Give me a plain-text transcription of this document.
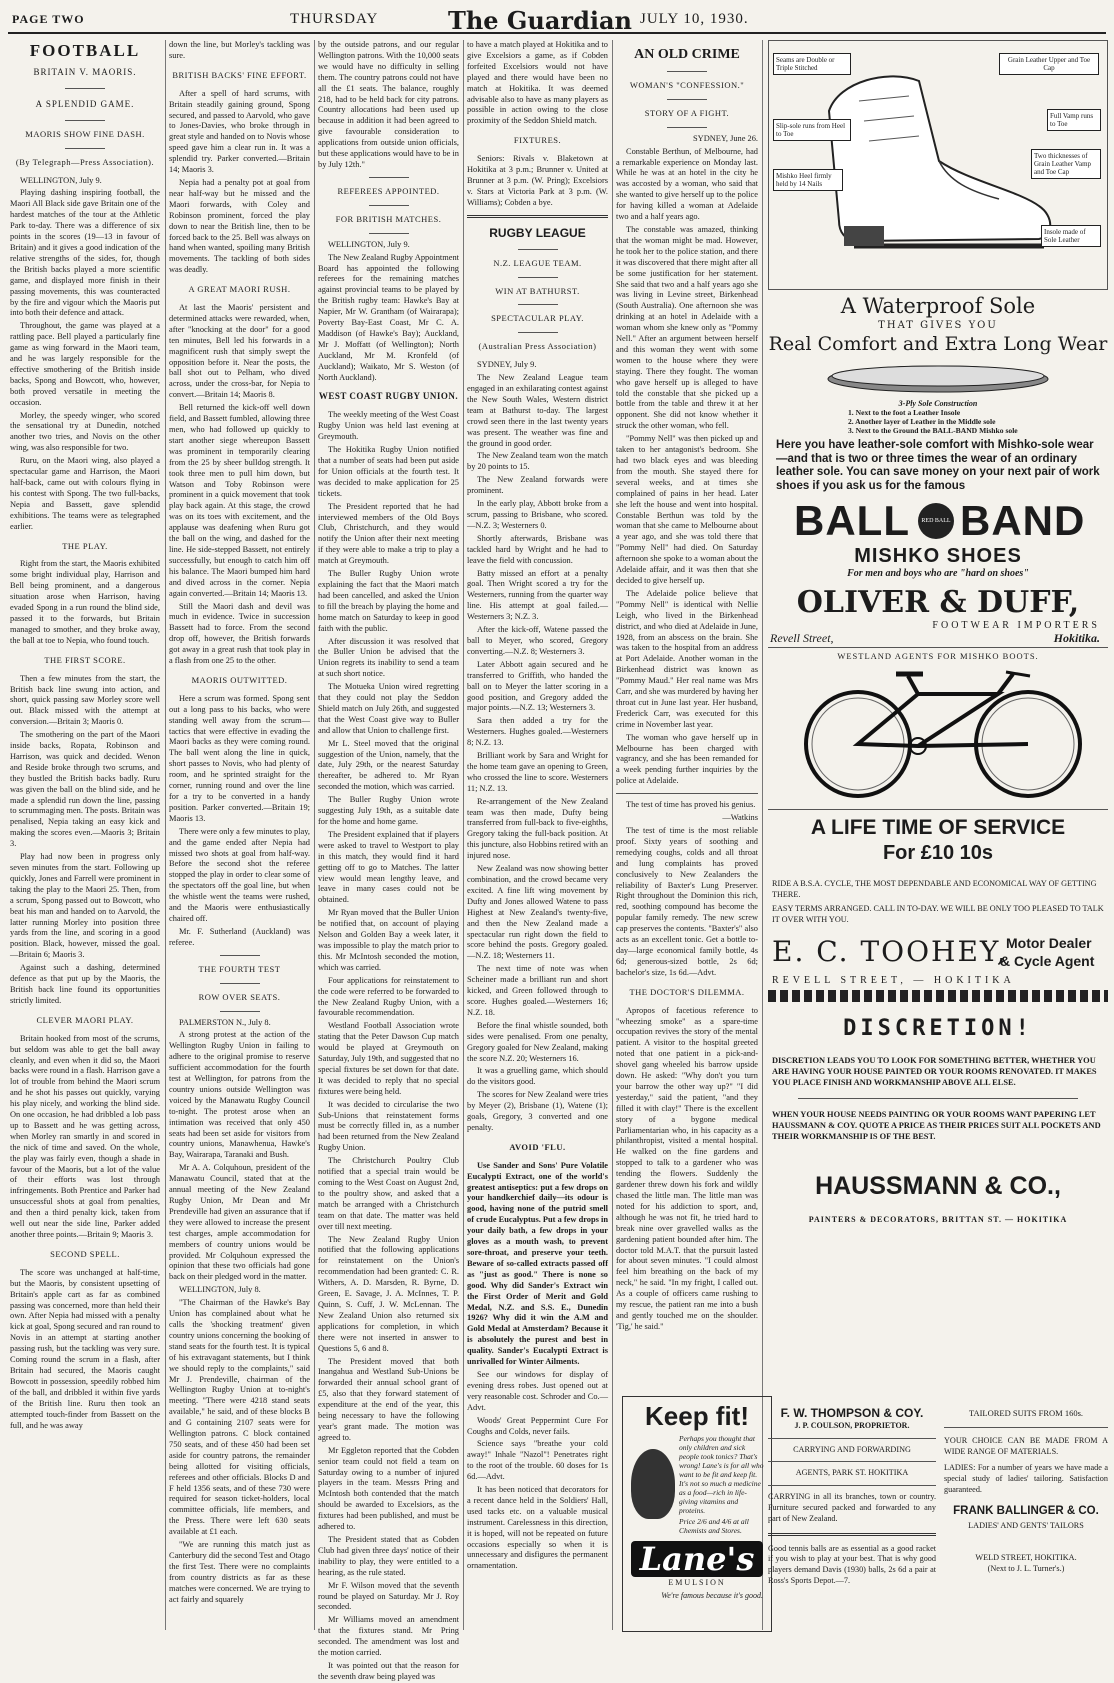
PAGE TWO	THURSDAY	The Guardian JULY 10, 1930.
FOOTBALL
BRITAIN V. MAORIS.
A SPLENDID GAME.
MAORIS SHOW FINE DASH.
(By Telegraph—Press Association).

WELLINGTON, July 9.

Playing dashing inspiring football, the Maori All Black side gave Britain one of the hardest matches of the tour at the Athletic Park to-day. There was a difference of six points in the scores (19—13 in favour of Britain) and it gives a good indication of the relative strengths of the sides, for, though the British backs played a more scientific game, and displayed more finish in their passing movements, this was counteracted by the fire and vigour which the Maoris put into both their defence and attack.

Throughout, the game was played at a rattling pace. Bell played a particularly fine game as wing forward in the Maori team, and he was largely responsible for the effective smothering of the British inside backs, Spong and Bowcott, who, however, both proved versatile in meeting the occasion.

Morley, the speedy winger, who scored the sensational try at Dunedin, notched another two tries, and Novis on the other wing, was also responsible for two.

Ruru, on the Maori wing, also played a spectacular game and Harrison, the Maori half-back, came out with colours flying in his contest with Spong. The two full-backs, Nepia and Bassett, gave splendid exhibitions. The teams were as telegraphed earlier.

THE PLAY.

Right from the start, the Maoris exhibited some bright individual play, Harrison and Bell being prominent, and a dangerous situation arose when Harrison, having evaded Spong in a run round the blind side, passed it to the forwards, but Britain managed to smother, and they broke away, the ball at toe to Nepia, who found touch.

THE FIRST SCORE.

Then a few minutes from the start, the British back line swung into action, and short, quick passing saw Morley score well out. Black missed with the attempt at conversion.—Britain 3; Maoris 0.

The smothering on the part of the Maori inside backs, Ropata, Robinson and Harrison, was quick and decided. Wenon and Reside broke through two scrums, and they bustled the British backs badly. Ruru was given the ball on the blind side, and he made a splendid run down the line, passing to scrummaging men. The posts. Britain was penalised, Nepia taking an easy kick and making the scores even.—Maoris 3; Britain 3.

Play had now been in progress only seven minutes from the start. Following up quickly, Jones and Farrell were prominent in taking the play to the Maori 25. Then, from a scrum, Spong passed out to Bowcott, who beat his man and handed on to Aarvold, the latter running Morley into position three yards from the line, and scoring in a good position. Black, however, missed the goal.—Britain 6; Maoris 3.

Against such a dashing, determined defence as that put up by the Maoris, the British back line found its opportunities strictly limited.

CLEVER MAORI PLAY.

Britain hooked from most of the scrums, but seldom was able to get the ball away cleanly, and even when it did so, the Maori backs were round in a flash. Harrison gave a lot of trouble from behind the Maori scrum and he shot his passes out quickly, varying his play nicely, and working the blind side. On one occasion, he had dribbled a lob pass up to Bassett and he was getting across, when Morley ran smartly in and scored in the nick of time and saved. On the whole, the play was fairly even, though a shade in favour of the Maoris, but a lot of the value of their efforts was lost through infringements. Both Prentice and Parker had unsuccessful shots at goal from penalties, and then a third penalty kick, taken from well out near the side line, Parker added another three points.—Britain 9; Maoris 3.

SECOND SPELL.

The score was unchanged at half-time, but the Maoris, by consistent upsetting of Britain's apple cart as far as combined passing was concerned, more than held their own. After Nepia had missed with a penalty kick at goal, Spong secured and ran round to Novis in an attempt at starting another passing rush, but the tackling was very sure. Coming round the scrum in a flash, after Britain had secured, the Maoris caught Bowcott in possession, speedily robbed him of the ball, and dribbled it within five yards of the British line. Ruru then took an attempted touch-finder from Bassett on the full, and he was away

down the line, but Morley's tackling was sure.

BRITISH BACKS' FINE EFFORT.

After a spell of hard scrums, with Britain steadily gaining ground, Spong secured, and passed to Aarvold, who gave to Jones-Davies, who broke through in great style and handed on to Novis whose speed gave him a clear run in. It was a splendid try. Parker converted.—Britain 14; Maoris 3.

Nepia had a penalty pot at goal from near half-way but he missed and the Maori forwards, with Coley and Robinson prominent, forced the play down to near the British line, then to be forced back to the 25. Bell was always on hand when wanted, spoiling many British movements. The tackling of both sides was deadly.

A GREAT MAORI RUSH.

At last the Maoris' persistent and determined attacks were rewarded, when, after "knocking at the door" for a good ten minutes, Bell led his forwards in a magnificent rush that simply swept the opposition before it. Near the posts, the ball shot out to Pelham, who dived across, under the cross-bar, for Nepia to convert.—Britain 14; Maoris 8.

Bell returned the kick-off well down field, and Bassett fumbled, allowing three men, who had followed up quickly to start another siege whereupon Bassett was prominent in temporarily clearing from the 25 by sheer bulldog strength. It took three men to pull him down, but Watson and Toby Robinson were prominent in a quick movement that took play back again. At this stage, the crowd was on its toes with excitement, and the applause was deafening when Ruru got the ball on the wing, and dashed for the line. He side-stepped Bassett, not entirely successfully, but enough to catch him off his balance. The Maori bumped him hard and dived across in the corner. Nepia again converted.—Britain 14; Maoris 13.

Still the Maori dash and devil was much in evidence. Twice in succession Bassett had to force. From the second drop off, however, the British forwards got away in a great rush that took play in a flash from one 25 to the other.

MAORIS OUTWITTED.

Here a scrum was formed. Spong sent out a long pass to his backs, who were standing well away from the scrum—tactics that were effective in evading the Maori backs as they were coming round. The ball went along the line in quick, short passes to Novis, who had plenty of room, and he sprinted straight for the corner, running round and over the line for a try to be converted in a handy position. Parker converted.—Britain 19; Maoris 13.

There were only a few minutes to play, and the game ended after Nepia had missed two shots at goal from half-way. Before the second shot the referee stopped the play in order to clear some of the spectators off the goal line, but when the whistle went the teams were rushed, and the Maoris were enthusiastically chaired off.

Mr. F. Sutherland (Auckland) was referee.

THE FOURTH TEST
ROW OVER SEATS.

PALMERSTON N., July 8.

A strong protest at the action of the Wellington Rugby Union in failing to adhere to the original promise to reserve sufficient accommodation for the fourth test at Wellington, for patrons from the country unions outside Wellington was voiced by the Manawatu Rugby Council to-night. The protest arose when an intimation was received that only 450 seats had been set aside for visitors from country unions, Manawhenua, Hawke's Bay, Wairarapa, Taranaki and Bush.

Mr A. A. Colquhoun, president of the Manawatu Council, stated that at the annual meeting of the New Zealand Rugby Union, Mr Dean and Mr Prendeville had given an assurance that if they were allowed to increase the present test charges, ample accommodation for members of country unions would be provided. Mr Colquhoun expressed the opinion that these two officials had gone back on their pledged word in the matter.

WELLINGTON, July 8.

"The Chairman of the Hawke's Bay Union has complained about what he calls the 'shocking treatment' given country unions concerning the booking of stand seats for the fourth test. It is typical of his extravagant statements, but I think we should reply to the complaints," said Mr J. Prendeville, chairman of the Wellington Rugby Union at to-night's meeting. "There were 4218 stand seats available," he said, and of these blocks B and G containing 2107 seats were for Wellington patrons. C block contained 750 seats, and of these 450 had been set aside for country patrons, the remainder being allotted for visiting officials, referees and other officials. Blocks D and F held 1356 seats, and of these 730 were required for season ticket-holders, local committee officials, life members, and the Press. There were left 630 seats available at £1 each.

"We are running this match just as Canterbury did the second Test and Otago the first Test. There were no complaints from country districts as far as these matches were concerned. We are trying to act fairly and squarely

by the outside patrons, and our regular Wellington patrons. With the 10,000 seats we would have no difficulty in selling them. The country patrons could not have all the £1 seats. The balance, roughly 218, had to be held back for city patrons. Country allocations had been used up because in addition it had been agreed to give favourable consideration to applications from outside union officials, but these applications would have to be in by July 12th."

REFEREES APPOINTED.
FOR BRITISH MATCHES.

WELLINGTON, July 9.

The New Zealand Rugby Appointment Board has appointed the following referees for the remaining matches against provincial teams to be played by the British rugby team: Hawke's Bay at Napier, Mr W. Grantham (of Wairarapa); Poverty Bay-East Coast, Mr C. A. Maddison (of Hawke's Bay); Auckland, Mr J. Moffatt (of Wellington); North Auckland, Mr M. Kronfeld (of Auckland); Waikato, Mr S. Weston (of North Auckland).

WEST COAST RUGBY UNION.

The weekly meeting of the West Coast Rugby Union was held last evening at Greymouth.

The Hokitika Rugby Union notified that a number of seats had been put aside for Union officials at the fourth test. It was decided to make application for 25 tickets.

The President reported that he had interviewed members of the Old Boys Club, Christchurch, and they would notify the Union after their next meeting if they were able to make a trip to play a match at Greymouth.

The Buller Rugby Union wrote explaining the fact that the Maori match had been cancelled, and asked the Union to fill the breach by playing the home and home match on Saturday to keep in good faith with the public.

After discussion it was resolved that the Buller Union be advised that the Union regrets its inability to send a team at such short notice.

The Motueka Union wired regretting that they could not play the Seddon Shield match on July 26th, and suggested that the West Coast give way to Buller and allow that Union to challenge first.

Mr L. Steel moved that the original suggestion of the Union, namely, that the date, July 29th, or the nearest Saturday thereafter, be adhered to. Mr Ryan seconded the motion, which was carried.

The Buller Rugby Union wrote suggesting July 19th, as a suitable date for the home and home game.

The President explained that if players were asked to travel to Westport to play in this match, they would find it hard getting off to go to Matches. The latter view would mean lengthy leave, and leave in many cases could not be obtained.

Mr Ryan moved that the Buller Union be notified that, on account of playing Nelson and Golden Bay a week later, it was impossible to play the match prior to this. Mr McIntosh seconded the motion, which was carried.

Four applications for reinstatement to the code were referred to be forwarded to the New Zealand Rugby Union, with a favourable recommendation.

Westland Football Association wrote stating that the Peter Dawson Cup match would be played at Greymouth on Saturday, July 19th, and suggested that no special fixtures be set down for that date. It was decided to reply that no special fixtures were being held.

It was decided to circularise the two Sub-Unions that reinstatement forms must be correctly filled in, as a number had been returned from the New Zealand Rugby Union.

The Christchurch Poultry Club notified that a special train would be coming to the West Coast on August 2nd, to the poultry show, and asked that a match be arranged with a Christchurch team on that date. The matter was held over till next meeting.

The New Zealand Rugby Union notified that the following applications for reinstatement on the Union's recommendation had been granted: C. R. Withers, A. D. Marsden, R. Byrne, D. Green, E. Savage, J. A. McInnes, T. P. Quinn, S. Cuff, J. W. McLennan. The New Zealand Union also returned six applications for completion, in which there were not inserted in answer to Questions 5, 6 and 8.

The President moved that both Inangahua and Westland Sub-Unions be forwarded their annual school grant of £5, also that they forward statement of expenditure at the end of the year, this being necessary to have the following year's grant made. The motion was agreed to.

Mr Eggleton reported that the Cobden senior team could not field a team on Saturday owing to a number of injured players in the team. Messrs Pring and McIntosh both contended that the match should be awarded to Excelsiors, as the fixtures had been published, and must be adhered to.

The President stated that as Cobden Club had given three days' notice of their inability to play, they were entitled to a hearing, as the rule stated.

Mr F. Wilson moved that the seventh round be played on Saturday. Mr J. Roy seconded.

Mr Williams moved an amendment that the fixtures stand. Mr Pring seconded. The amendment was lost and the motion carried.

It was pointed out that the reason for the seventh draw being played was

to have a match played at Hokitika and to give Excelsiors a game, as if Cobden forfeited Excelsiors would not have played and there would have been no match at Hokitika. It was deemed advisable also to have as many players as possible in action owing to the close proximity of the Seddon Shield match.

FIXTURES.

Seniors: Rivals v. Blaketown at Hokitika at 3 p.m.; Brunner v. United at Brunner at 3 p.m. (W. Pring); Excelsiors v. Stars at Victoria Park at 3 p.m. (W. Williams); Cobden a bye.

RUGBY LEAGUE
N.Z. LEAGUE TEAM.
WIN AT BATHURST.
SPECTACULAR PLAY.
(Australian Press Association)

SYDNEY, July 9.

The New Zealand League team engaged in an exhilarating contest against the New South Wales, Western district team at Bathurst to-day. The largest crowd seen there in the last twenty years was present. The weather was fine and the ground in good order.

The New Zealand team won the match by 20 points to 15.

The New Zealand forwards were prominent.

In the early play, Abbott broke from a scrum, passing to Brisbane, who scored.—N.Z. 3; Westerners 0.

Shortly afterwards, Brisbane was tackled hard by Wright and he had to leave the field with concussion.

Batty missed an effort at a penalty goal. Then Wright scored a try for the Westerners, running from the quarter way line. His attempt at goal failed.—Westerners 3; N.Z. 3.

After the kick-off, Watene passed the ball to Meyer, who scored, Gregory converting.—N.Z. 8; Westerners 3.

Later Abbott again secured and he transferred to Griffith, who handed the ball on to Meyer the latter scoring in a good position, and Gregory added the major points.—N.Z. 13; Westerners 3.

Sara then added a try for the Westerners. Hughes goaled.—Westerners 8; N.Z. 13.

Brilliant work by Sara and Wright for the home team gave an opening to Green, who crossed the line to score. Westerners 11; N.Z. 13.

Re-arrangement of the New Zealand team was then made, Dufty being transferred from full-back to five-eighths, Gregory taking the full-back position. At this juncture, also Hobbins retired with an injured nose.

New Zealand was now showing better combination, and the crowd became very excited. A fine lift wing movement by Dufty and Jones allowed Watene to pass Highest at New Zealand's twenty-five, and then the New Zealand made a spectacular run right down the field to score behind the posts. Gregory goaled.—N.Z. 18; Westerners 11.

The next time of note was when Scheiner made a brilliant run and short kicked, and Green followed through to score. Hughes goaled.—Westerners 16; N.Z. 18.

Before the final whistle sounded, both sides were penalised. From one penalty, Gregory goaled for New Zealand, making the score N.Z. 20; Westerners 16.

It was a gruelling game, which should do the visitors good.

The scores for New Zealand were tries by Meyer (2), Brisbane (1), Watene (1); goals, Gregory, 3 converted and one penalty.

AVOID 'FLU.

Use Sander and Sons' Pure Volatile Eucalypti Extract, one of the world's greatest antiseptics: put a few drops on your handkerchief daily—its odour is good, having none of the putrid smell of crude Eucalyptus. Put a few drops in your daily bath, a few drops in your gloves as a mouth wash, to prevent sore-throat, and preserve your teeth. Beware of so-called extracts passed off as "just as good." There is none so good. Why did Sander's Extract win the First Order of Merit and Gold Medal, N.Z. and S.S. E., Dunedin 1926? Why did it win the A.M and Gold Medal at Amsterdam? Because it is absolutely the purest and best in quality. Sander's Eucalypti Extract is unrivalled for Winter Ailments.

See our windows for display of evening dress robes. Just opened out at very reasonable cost. Schroder and Co.—Advt.

Woods' Great Peppermint Cure For Coughs and Colds, never fails.

Science says "breathe your cold away!" Inhale "Nazol"! Penetrates right to the root of the trouble. 60 doses for 1s 6d.—Advt.

It has been noticed that decorators for a recent dance held in the Soldiers' Hall, used tacks etc. on a valuable musical instrument. Carelessness in this direction, it is hoped, will not be repeated on future occasions especially so when it is unnecessary and disfigures the permanent ornamentation.

AN OLD CRIME
WOMAN'S "CONFESSION."
STORY OF A FIGHT.

SYDNEY, June 26.

Constable Berthun, of Melbourne, had a remarkable experience on Monday last. While he was at an hotel in the city he was accosted by a woman, who said that she wanted to give herself up to the police for having killed a woman at Adelaide two and a half years ago.

The constable was amazed, thinking that the woman might be mad. However, he took her to the police station, and there it was discovered that there might after all be some justification for her statement. She said that two and a half years ago she was living in Levine street, Birkenhead (South Australia). One afternoon she was drinking at an hotel in Adelaide with a woman whom she knew only as "Pommy Nell." After an argument between herself and this woman they went with some women to the house where they were staying. There they fought. The woman who gave herself up is alleged to have told the constable that she picked up a bottle from the table and threw it at her opponent. She did not know whether it struck the other woman, who fell.

"Pommy Nell" was then picked up and taken to her antagonist's bedroom. She had two black eyes and was bleeding from the mouth. She stayed there for several weeks, and at times she complained of pains in her head. Later she left the house and went into hospital. Constable Berthun was told by the woman that she came to Melbourne about a year ago, and she was told there that "Pommy Nell" had died. On Saturday afternoon she spoke to a woman about the Adelaide affair, and it was then that she decided to give herself up.

The Adelaide police believe that "Pommy Nell" is identical with Nellie Leigh, who lived in the Birkenhead district, and who died at Adelaide in June, 1928, from an abscess on the brain. She was taken to the hospital from an address at Port Adelaide. Another woman in the Birkenhead district was known as "Pommy Maud." Her real name was Mrs Carr, and she was murdered by having her throat cut in June last year. Her husband, Frederick Carr, was executed for this crime in November last year.

The woman who gave herself up in Melbourne has been charged with vagrancy, and she has been remanded for a week pending further inquiries by the police at Adelaide.

The test of time has proved his genius.

—Watkins

The test of time is the most reliable proof. Sixty years of soothing and remedying coughs, colds and all throat and lung complaints has proved conclusively to New Zealanders the reliability of Baxter's Lung Preserver. Right throughout the Dominion this rich, red, soothing compound has become the popular family remedy. The new screw cap preserves the contents. "Baxter's" also acts as an excellent tonic. Get a bottle to-day—large economical family bottle, 4s 6d; generous-sized bottle, 2s 6d; bachelor's size, 1s 6d.—Advt.

THE DOCTOR'S DILEMMA.

Apropos of facetious reference to "wheezing smoke" as a spare-time occupation revives the story of the mental patient. A visitor to the hospital greeted noted that one patient in a pick-and-shovel gang wheeled his barrow upside down. He asked: "Why don't you turn your barrow the other way up?" "I did yesterday," said the patient, "and they filled it with clay!" There is the excellent story of a bygone medical Parliamentarian who, in his capacity as a philanthropist, visited a mental hospital. He walked on the fine gardens and stopped to talk to a gardener who was tending the flowers. Suddenly the gardener threw down his fork and wildly chased the little man. The little man was noted for his addiction to sport, and, although he was not fit, he tried hard to break nine over gravelled walks as the gardening patient bounded after him. The doctor told M.A.T. that the pursuit lasted for about seven minutes. "I could almost feel him breathing on the back of my neck," he said. "In my fright, I called out. As a couple of officers came rushing to my rescue, the patient ran me into a bush and gently touched me on the shoulder. 'Tig,' he said."

Keep fit!
Perhaps you thought that only children and sick people took tonics? That's wrong! Lane's is for all who want to be fit and keep fit. It's not so much a medicine as a food—rich in life-giving vitamins and proteins.
Price 2/6 and 4/6 at all Chemists and Stores.
Lane's
EMULSION
We're famous because it's good.
Seams are Double or Triple Stitched
Grain Leather Upper and Toe Cap
Slip-sole runs from Heel to Toe
Full Vamp runs to Toe
Two thicknesses of Grain Leather Vamp and Toe Cap
Mishko Heel firmly held by 14 Nails
Insole made of Sole Leather
A Waterproof Sole
THAT GIVES YOU
Real Comfort and Extra Long Wear
3-Ply Sole Construction
1. Next to the foot a Leather Insole
2. Another layer of Leather in the Middle sole
3. Next to the Ground the BALL-BAND Mishko sole
Here you have leather-sole comfort with Mishko-sole wear—and that is two or three times the wear of an ordinary leather sole. You can save money on your next pair of work shoes if you ask us for the famous
BALL	RED BALL BAND
MISHKO SHOES
For men and boys who are "hard on shoes"
OLIVER & DUFF,
FOOTWEAR IMPORTERS
Revell Street,	Hokitika.
WESTLAND AGENTS FOR MISHKO BOOTS.
A LIFE TIME OF SERVICE
For £10 10s
RIDE A B.S.A. CYCLE, THE MOST DEPENDABLE AND ECONOMICAL WAY OF GETTING THERE.
EASY TERMS ARRANGED. CALL IN TO-DAY. WE WILL BE ONLY TOO PLEASED TO TALK IT OVER WITH YOU.
E. C. TOOHEY,
Motor Dealer
& Cycle Agent
REVELL STREET, — HOKITIKA
DISCRETION!
DISCRETION LEADS YOU TO LOOK FOR SOMETHING BETTER, WHETHER YOU ARE HAVING YOUR HOUSE PAINTED OR YOUR ROOMS RENOVATED. IT MAKES YOU PLACE FINISH AND WORKMANSHIP ABOVE ALL ELSE.
WHEN YOUR HOUSE NEEDS PAINTING OR YOUR ROOMS WANT PAPERING LET HAUSSMANN & COY. QUOTE A PRICE AS THEIR PRICES SUIT ALL POCKETS AND THEIR WORKMANSHIP IS OF THE BEST.
HAUSSMANN & CO.,
PAINTERS & DECORATORS, BRITTAN ST. — HOKITIKA
F. W. THOMPSON & COY.
J. P. COULSON, PROPRIETOR.
CARRYING AND FORWARDING
AGENTS, PARK ST. HOKITIKA
CARRYING in all its branches, town or country. Furniture secured packed and forwarded to any part of New Zealand.
Good tennis balls are as essential as a good racket if you wish to play at your best. That is why good players demand Davis (1930) balls, 2s 6d a pair at Ross's Sports Depot.—7.
TAILORED SUITS FROM 160s.
YOUR CHOICE CAN BE MADE FROM A WIDE RANGE OF MATERIALS.
LADIES: For a number of years we have made a special study of ladies' tailoring. Satisfaction guaranteed.
FRANK BALLINGER & CO.
LADIES' AND GENTS' TAILORS
WELD STREET, HOKITIKA.
(Next to J. L. Turner's.)
